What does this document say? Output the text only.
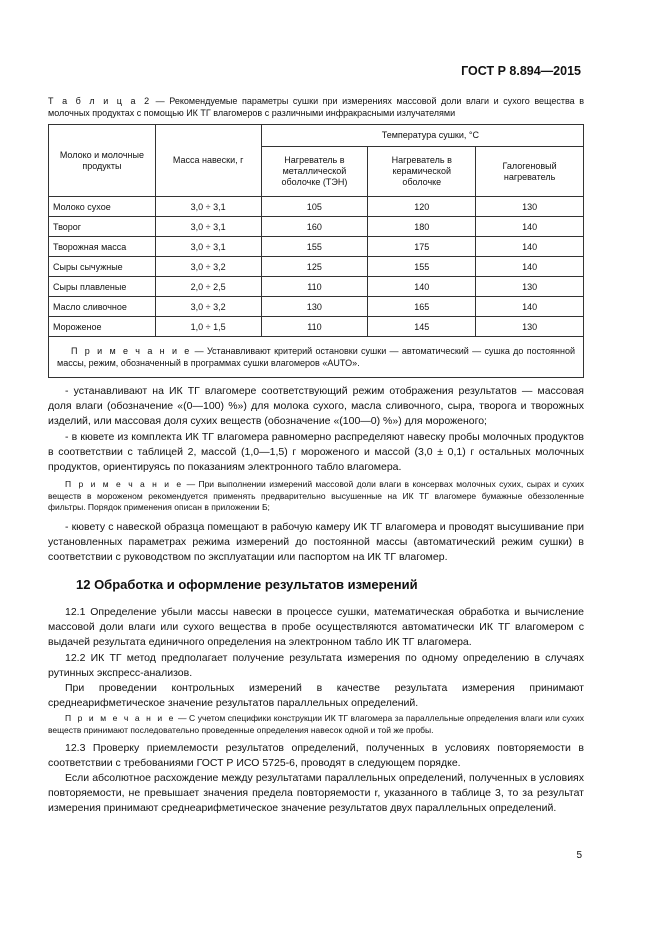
ГОСТ Р 8.894—2015
Т а б л и ц а 2 — Рекомендуемые параметры сушки при измерениях массовой доли влаги и сухого вещества в молочных продуктах с помощью ИК ТГ влагомеров с различными инфракрасными излучателями
Молоко и молочные продукты	Масса навески, г	Температура сушки, °С		
		Нагреватель в металлической оболочке (ТЭН)	Нагреватель в керамической оболочке	Галогеновый нагреватель
Молоко сухое	3,0 ÷ 3,1	105	120	130
Творог	3,0 ÷ 3,1	160	180	140
Творожная масса	3,0 ÷ 3,1	155	175	140
Сыры сычужные	3,0 ÷ 3,2	125	155	140
Сыры плавленые	2,0 ÷ 2,5	110	140	130
Масло сливочное	3,0 ÷ 3,2	130	165	140
Мороженое	1,0 ÷ 1,5	110	145	130
П р и м е ч а н и е — Устанавливают критерий остановки сушки — автоматический — сушка до постоянной массы, режим, обозначенный в программах сушки влагомеров «AUTO».				
- устанавливают на ИК ТГ влагомере соответствующий режим отображения результатов — массовая доля влаги (обозначение «(0—100) %») для молока сухого, масла сливочного, сыра, творога и творожных изделий, или массовая доля сухих веществ (обозначение «(100—0) %») для мороженого;
- в кювете из комплекта ИК ТГ влагомера равномерно распределяют навеску пробы молочных продуктов в соответствии с таблицей 2, массой (1,0—1,5) г мороженого и массой (3,0 ± 0,1) г остальных молочных продуктов, ориентируясь по показаниям электронного табло влагомера.
П р и м е ч а н и е — При выполнении измерений массовой доли влаги в консервах молочных сухих, сырах и сухих веществ в мороженом рекомендуется применять предварительно высушенные на ИК ТГ влагомере бумажные обеззоленные фильтры. Порядок применения описан в приложении Б;
- кювету с навеской образца помещают в рабочую камеру ИК ТГ влагомера и проводят высушивание при установленных параметрах режима измерений до постоянной массы (автоматический режим сушки) в соответствии с руководством по эксплуатации или паспортом на ИК ТГ влагомер.
12 Обработка и оформление результатов измерений
12.1 Определение убыли массы навески в процессе сушки, математическая обработка и вычисление массовой доли влаги или сухого вещества в пробе осуществляются автоматически ИК ТГ влагомером с выдачей результата единичного определения на электронном табло ИК ТГ влагомера.
12.2 ИК ТГ метод предполагает получение результата измерения по одному определению в случаях рутинных экспресс-анализов.
При проведении контрольных измерений в качестве результата измерения принимают среднеарифметическое значение результатов параллельных определений.
П р и м е ч а н и е — С учетом специфики конструкции ИК ТГ влагомера за параллельные определения влаги или сухих веществ принимают последовательно проведенные определения навесок одной и той же пробы.
12.3 Проверку приемлемости результатов определений, полученных в условиях повторяемости в соответствии с требованиями ГОСТ Р ИСО 5725-6, проводят в следующем порядке.
Если абсолютное расхождение между результатами параллельных определений, полученных в условиях повторяемости, не превышает значения предела повторяемости r, указанного в таблице 3, то за результат измерения принимают среднеарифметическое значение результатов двух параллельных определений.
5
